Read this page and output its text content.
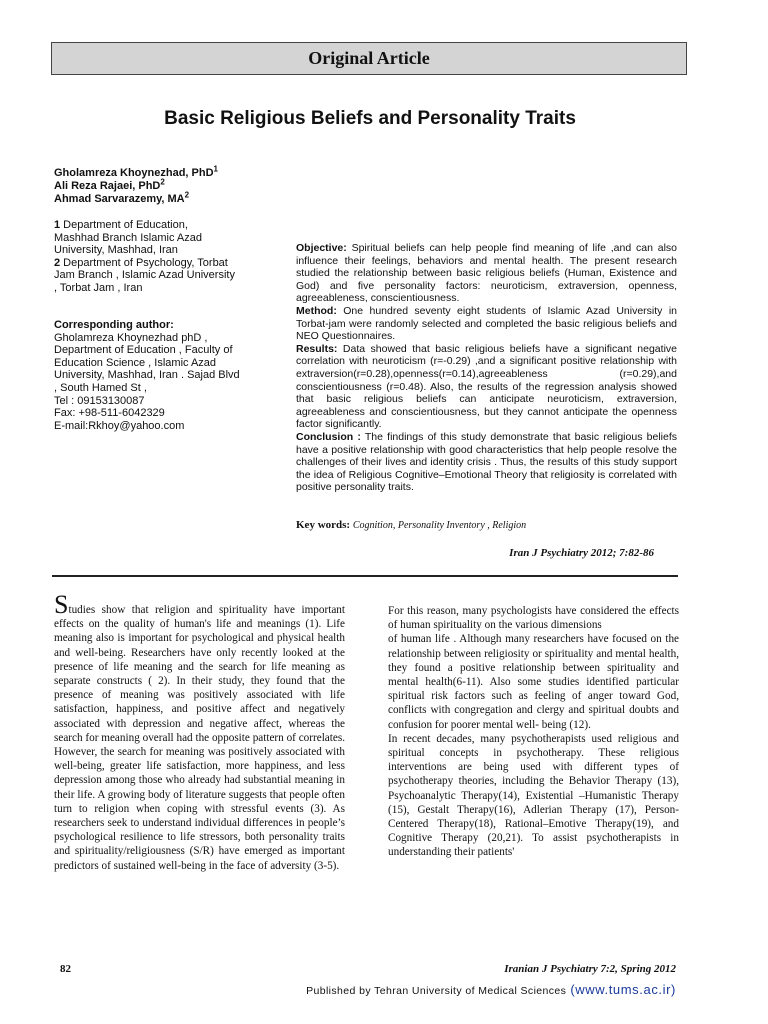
Original Article
Basic Religious Beliefs and Personality Traits
Gholamreza Khoynezhad, PhD$^1$
Ali Reza Rajaei, PhD$^2$
Ahmad Sarvarazemy, $MA^2$
1 Department of Education, Mashhad Branch Islamic Azad University, Mashhad, Iran
2 Department of Psychology, Torbat Jam Branch , Islamic Azad University , Torbat Jam , Iran
Corresponding author:
Gholamreza Khoynezhad phD , Department of Education , Faculty of Education Science , Islamic Azad University, Mashhad, Iran . Sajad Blvd , South Hamed St ,
Tel : 09153130087
Fax: +98-511-6042329
E-mail:Rkhoy@yahoo.com

Objective: Spiritual beliefs can help people find meaning of life ,and can also influence their feelings, behaviors and mental health. The present research studied the relationship between basic religious beliefs (Human, Existence and God) and five personality factors: neuroticism, extraversion, openness, agreeableness, conscientiousness.

Method: One hundred seventy eight students of Islamic Azad University in Torbat-jam were randomly selected and completed the basic religious beliefs and NEO Questionnaires.

Results: Data showed that basic religious beliefs have a significant negative correlation with neuroticism (r=-0.29) ,and a significant positive relationship with extraversion(r=0.28),openness(r=0.14),agreeableness (r=0.29),and conscientiousness (r=0.48). Also, the results of the regression analysis showed that basic religious beliefs can anticipate neuroticism, extraversion, agreeableness and conscientiousness, but they cannot anticipate the openness factor significantly.

Conclusion : The findings of this study demonstrate that basic religious beliefs have a positive relationship with good characteristics that help people resolve the challenges of their lives and identity crisis . Thus, the results of this study support the idea of Religious Cognitive–Emotional Theory that religiosity is correlated with positive personality traits.

Key words: Cognition, Personality Inventory , Religion
Iran J Psychiatry 2012; 7:82-86

Studies show that religion and spirituality have important effects on the quality of human's life and meanings (1). Life meaning also is important for psychological and physical health and well-being. Researchers have only recently looked at the presence of life meaning and the search for life meaning as separate constructs ( 2). In their study, they found that the presence of meaning was positively associated with life satisfaction, happiness, and positive affect and negatively associated with depression and negative affect, whereas the search for meaning overall had the opposite pattern of correlates. However, the search for meaning was positively associated with well-being, greater life satisfaction, more happiness, and less depression among those who already had substantial meaning in their life. A growing body of literature suggests that people often turn to religion when coping with stressful events (3). As researchers seek to understand individual differences in people’s psychological resilience to life stressors, both personality traits and spirituality/religiousness (S/R) have emerged as important predictors of sustained well-being in the face of adversity (3-5).

For this reason, many psychologists have considered the effects of human spirituality on the various dimensions

of human life . Although many researchers have focused on the relationship between religiosity or spirituality and mental health, they found a positive relationship between spirituality and mental health(6-11). Also some studies identified particular spiritual risk factors such as feeling of anger toward God, conflicts with congregation and clergy and spiritual doubts and confusion for poorer mental well- being (12).

In recent decades, many psychotherapists used religious and spiritual concepts in psychotherapy. These religious interventions are being used with different types of psychotherapy theories, including the Behavior Therapy (13), Psychoanalytic Therapy(14), Existential –Humanistic Therapy (15), Gestalt Therapy(16), Adlerian Therapy (17), Person-Centered Therapy(18), Rational–Emotive Therapy(19), and Cognitive Therapy (20,21). To assist psychotherapists in understanding their patients'

82	Iranian J Psychiatry 7:2, Spring 2012
Published by Tehran University of Medical Sciences (www.tums.ac.ir)
